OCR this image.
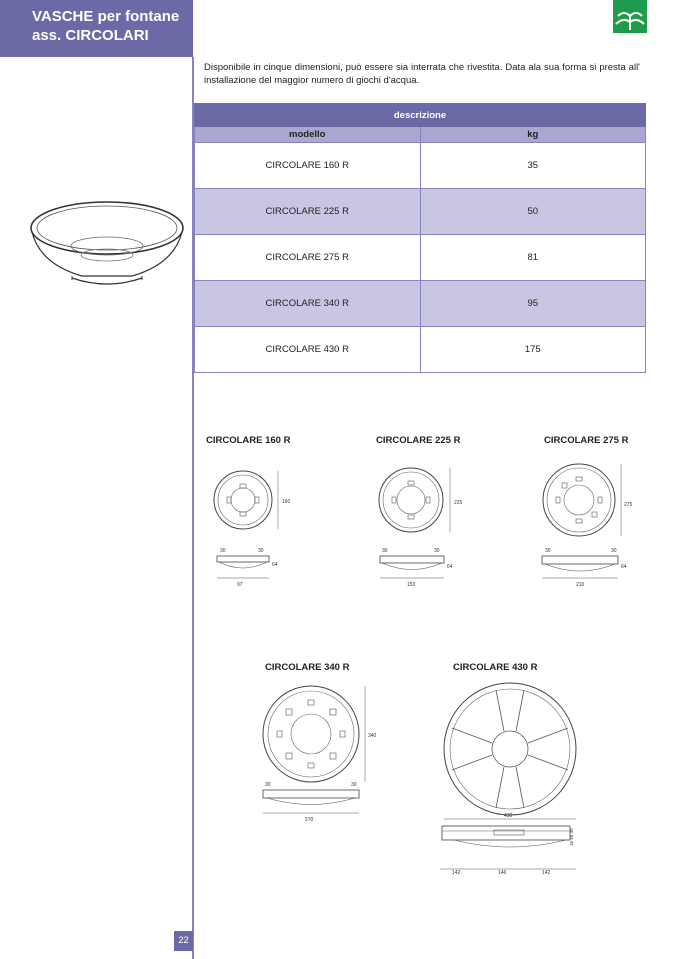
VASCHE per fontane
ass. CIRCOLARI
Disponibile in cinque dimensioni, può essere sia interrata che rivestita. Data ala sua forma si presta all' installazione del maggior numero di giochi d'acqua.
descrizione	
modello	kg
CIRCOLARE 160 R	35
CIRCOLARE 225 R	50
CIRCOLARE 275 R	81
CIRCOLARE 340 R	95
CIRCOLARE 430 R	175
CIRCOLARE 160 R	CIRCOLARE 225 R	CIRCOLARE 275 R
CIRCOLARE 340 R	CIRCOLARE 430 R
160
30	30
64
97
225
30	30
64
153
275
30	30
64
210
340
30	30
270
430
16 40 30
142	146	142
22
